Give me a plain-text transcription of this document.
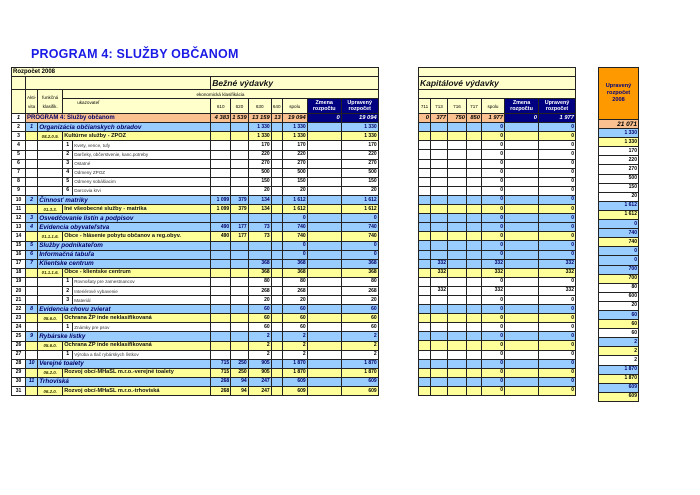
PROGRAM 4: SLUŽBY OBČANOM
Rozpočet 2008											
					Bežné výdavky						
	Akti-vita	funkčná klasifik.	ekonomická klasifikácia								
			ukazovateľ		610	620	630	640	spolu	Zmena rozpočtu	Upravený rozpočet
1	PROGRAM 4: Služby občanom				4 383	1 539	13 159	13	19 094	0	19 094
2	1	Organizácia občianskych obradov					1 330		1 330		1 330
3		08.2.0.9.	Kultúrne služby - ZPOZ				1 330		1 330		1 330
4			1	Kvety, vence, tufy			170		170		170
5			2	Darčeky, občerstvenie, kanc.potreby			220		220		220
6			3	Ostatné			270		270		270
7			4	Odmeny ZPOZ			500		500		500
8			5	Odmeny sobášiacim			150		150		150
9			6	Darcovia krvi			20		20		20
10	2	Činnosť matriky			1 099	379	134		1 612		1 612
11		01.3.3.	Iné všeobecné služby - matrika		1 099	379	134		1 612		1 612
12	3	Osvedčovanie listín a podpisov							0		0
13	4	Evidencia obyvateľstva			490	177	73		740		740
14		01.1.1.6.	Obce - hlásenie pobytu občanov a reg.obyv.		490	177	73		740		740
15	5	Služby podnikateľom							0		0
16	6	Informačná tabuľa							0		0
17	7	Klientske centrum					368		368		368
18		01.1.1.6.	Obce - klientske centrum				368		368		368
19			1	Rovnošaty pre zamestnancov			80		80		80
20			2	Interiérové vybavenie			268		268		268
21			3	Materiál			20		20		20
22	8	Evidencia chovu zvierat					60		60		60
23		05.6.0.	Ochrana ŽP inde neklasifikovaná				60		60		60
24			1	Známky pre psov			60		60		60
25	9	Rybárske lístky					2		2		2
26		05.6.0.	Ochrana ŽP inde neklasifikovaná				2		2		2
27			1	Výroba a tlač rybárskych lístkov			2		2		2
28	10	Verejné toalety			715	250	905		1 870		1 870
29		06.2.0.	Rozvoj obcí-MHaSL m.r.o.-verejné toalety		715	250	905		1 870		1 870
30	11	Trhoviská			268	94	247		609		609
31		06.2.0.	Rozvoj obcí-MHaSL m.r.o.-trhoviská		268	94	247		609		609

Kapitálové výdavky						

711	713	716	717	spolu	Zmena rozpočtu	Upravený rozpočet
0	377	750	850	1 977	0	1 977
				0		0
				0		0
				0		0
				0		0
				0		0
				0		0
				0		0
				0		0
				0		0
				0		0
				0		0
				0		0
				0		0
				0		0
				0		0
	332			332		332
	332			332		332
				0		0
	332			332		332
				0		0
				0		0
				0		0
				0		0
				0		0
				0		0
				0		0
				0		0
				0		0
				0		0
				0		0
Upravený rozpočet 2008
21 071
1 330
1 330
170
220
270
500
150
20
1 612
1 612
0
740
740
0
0
700
700
80
600
20
60
60
60
2
2
2
1 870
1 870
609
609
